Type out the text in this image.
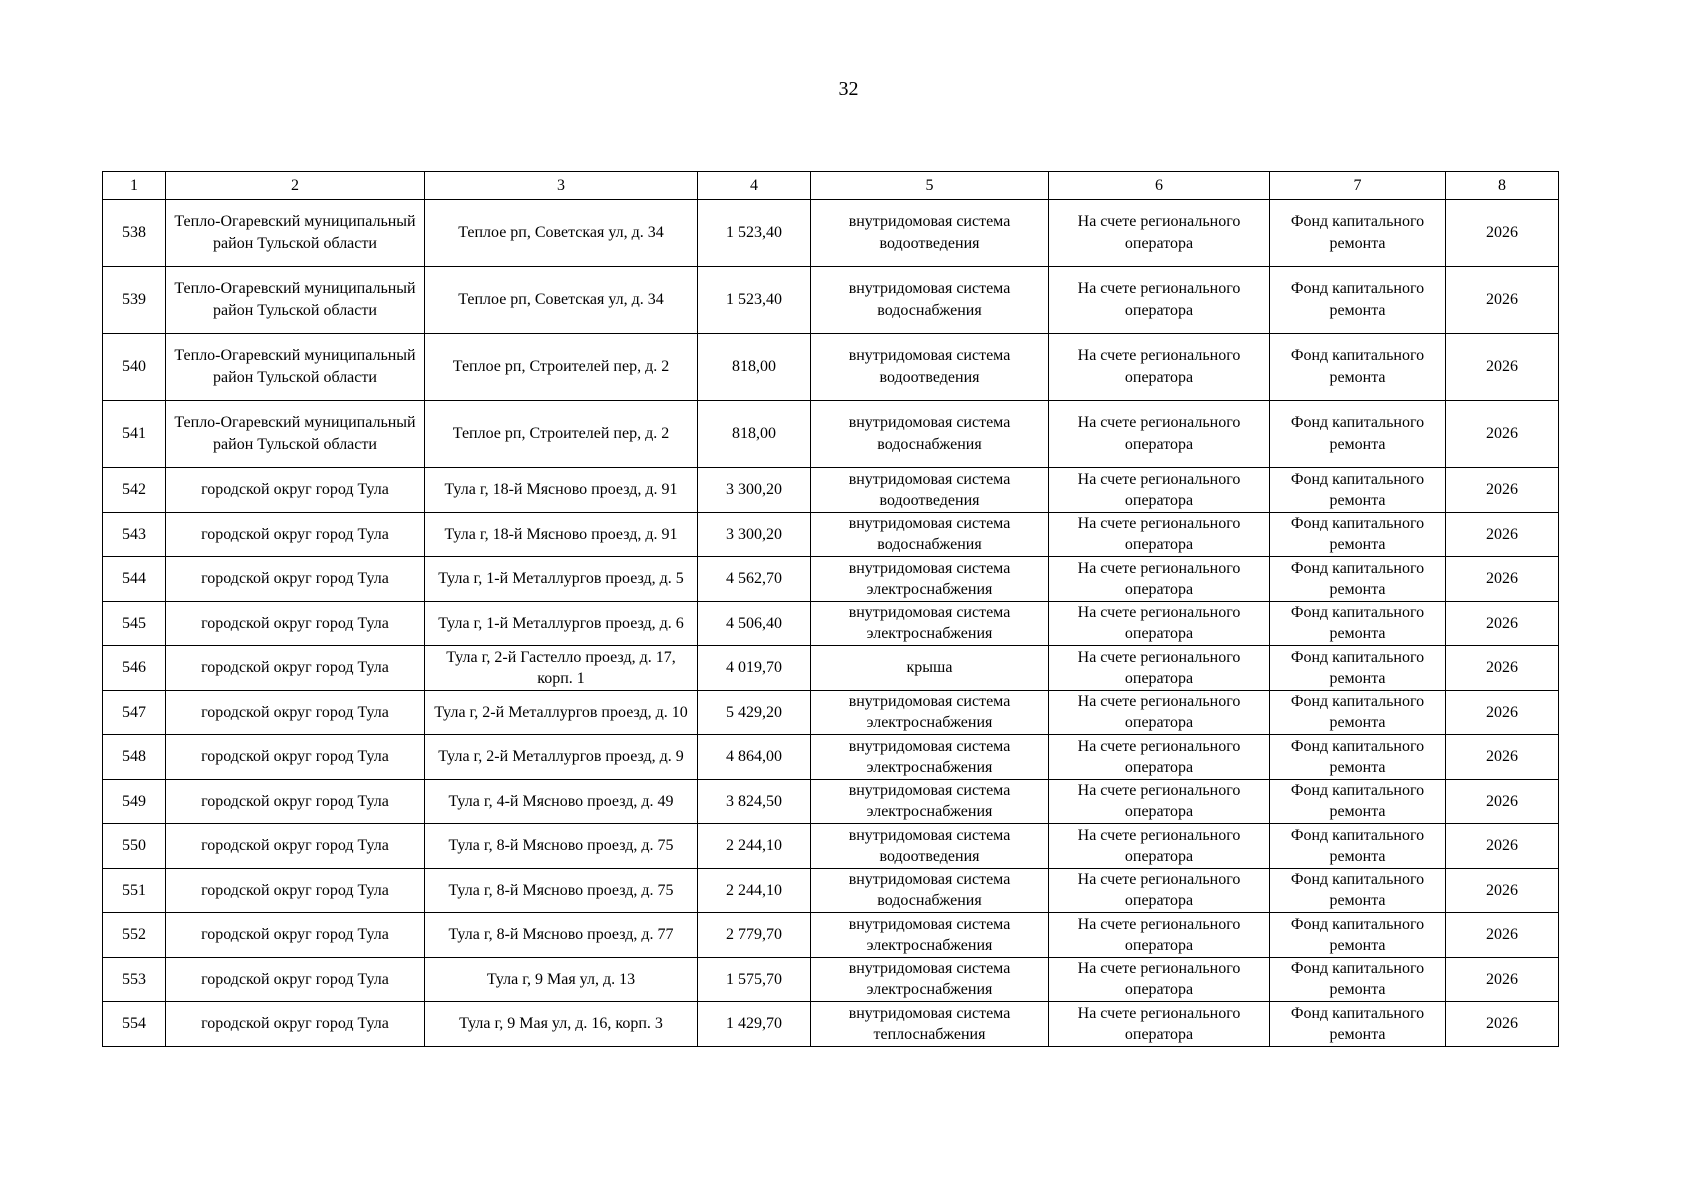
32
1	2	3	4	5	6	7	8
538	Тепло-Огаревский муниципальный район Тульской области	Теплое рп, Советская ул, д. 34	1 523,40	внутридомовая система водоотведения	На счете регионального оператора	Фонд капитального ремонта	2026
539	Тепло-Огаревский муниципальный район Тульской области	Теплое рп, Советская ул, д. 34	1 523,40	внутридомовая система водоснабжения	На счете регионального оператора	Фонд капитального ремонта	2026
540	Тепло-Огаревский муниципальный район Тульской области	Теплое рп, Строителей пер, д. 2	818,00	внутридомовая система водоотведения	На счете регионального оператора	Фонд капитального ремонта	2026
541	Тепло-Огаревский муниципальный район Тульской области	Теплое рп, Строителей пер, д. 2	818,00	внутридомовая система водоснабжения	На счете регионального оператора	Фонд капитального ремонта	2026
542	городской округ город Тула	Тула г, 18-й Мясново проезд, д. 91	3 300,20	внутридомовая система водоотведения	На счете регионального оператора	Фонд капитального ремонта	2026
543	городской округ город Тула	Тула г, 18-й Мясново проезд, д. 91	3 300,20	внутридомовая система водоснабжения	На счете регионального оператора	Фонд капитального ремонта	2026
544	городской округ город Тула	Тула г, 1-й Металлургов проезд, д. 5	4 562,70	внутридомовая система электроснабжения	На счете регионального оператора	Фонд капитального ремонта	2026
545	городской округ город Тула	Тула г, 1-й Металлургов проезд, д. 6	4 506,40	внутридомовая система электроснабжения	На счете регионального оператора	Фонд капитального ремонта	2026
546	городской округ город Тула	Тула г, 2-й Гастелло проезд, д. 17, корп. 1	4 019,70	крыша	На счете регионального оператора	Фонд капитального ремонта	2026
547	городской округ город Тула	Тула г, 2-й Металлургов проезд, д. 10	5 429,20	внутридомовая система электроснабжения	На счете регионального оператора	Фонд капитального ремонта	2026
548	городской округ город Тула	Тула г, 2-й Металлургов проезд, д. 9	4 864,00	внутридомовая система электроснабжения	На счете регионального оператора	Фонд капитального ремонта	2026
549	городской округ город Тула	Тула г, 4-й Мясново проезд, д. 49	3 824,50	внутридомовая система электроснабжения	На счете регионального оператора	Фонд капитального ремонта	2026
550	городской округ город Тула	Тула г, 8-й Мясново проезд, д. 75	2 244,10	внутридомовая система водоотведения	На счете регионального оператора	Фонд капитального ремонта	2026
551	городской округ город Тула	Тула г, 8-й Мясново проезд, д. 75	2 244,10	внутридомовая система водоснабжения	На счете регионального оператора	Фонд капитального ремонта	2026
552	городской округ город Тула	Тула г, 8-й Мясново проезд, д. 77	2 779,70	внутридомовая система электроснабжения	На счете регионального оператора	Фонд капитального ремонта	2026
553	городской округ город Тула	Тула г, 9 Мая ул, д. 13	1 575,70	внутридомовая система электроснабжения	На счете регионального оператора	Фонд капитального ремонта	2026
554	городской округ город Тула	Тула г, 9 Мая ул, д. 16, корп. 3	1 429,70	внутридомовая система теплоснабжения	На счете регионального оператора	Фонд капитального ремонта	2026
